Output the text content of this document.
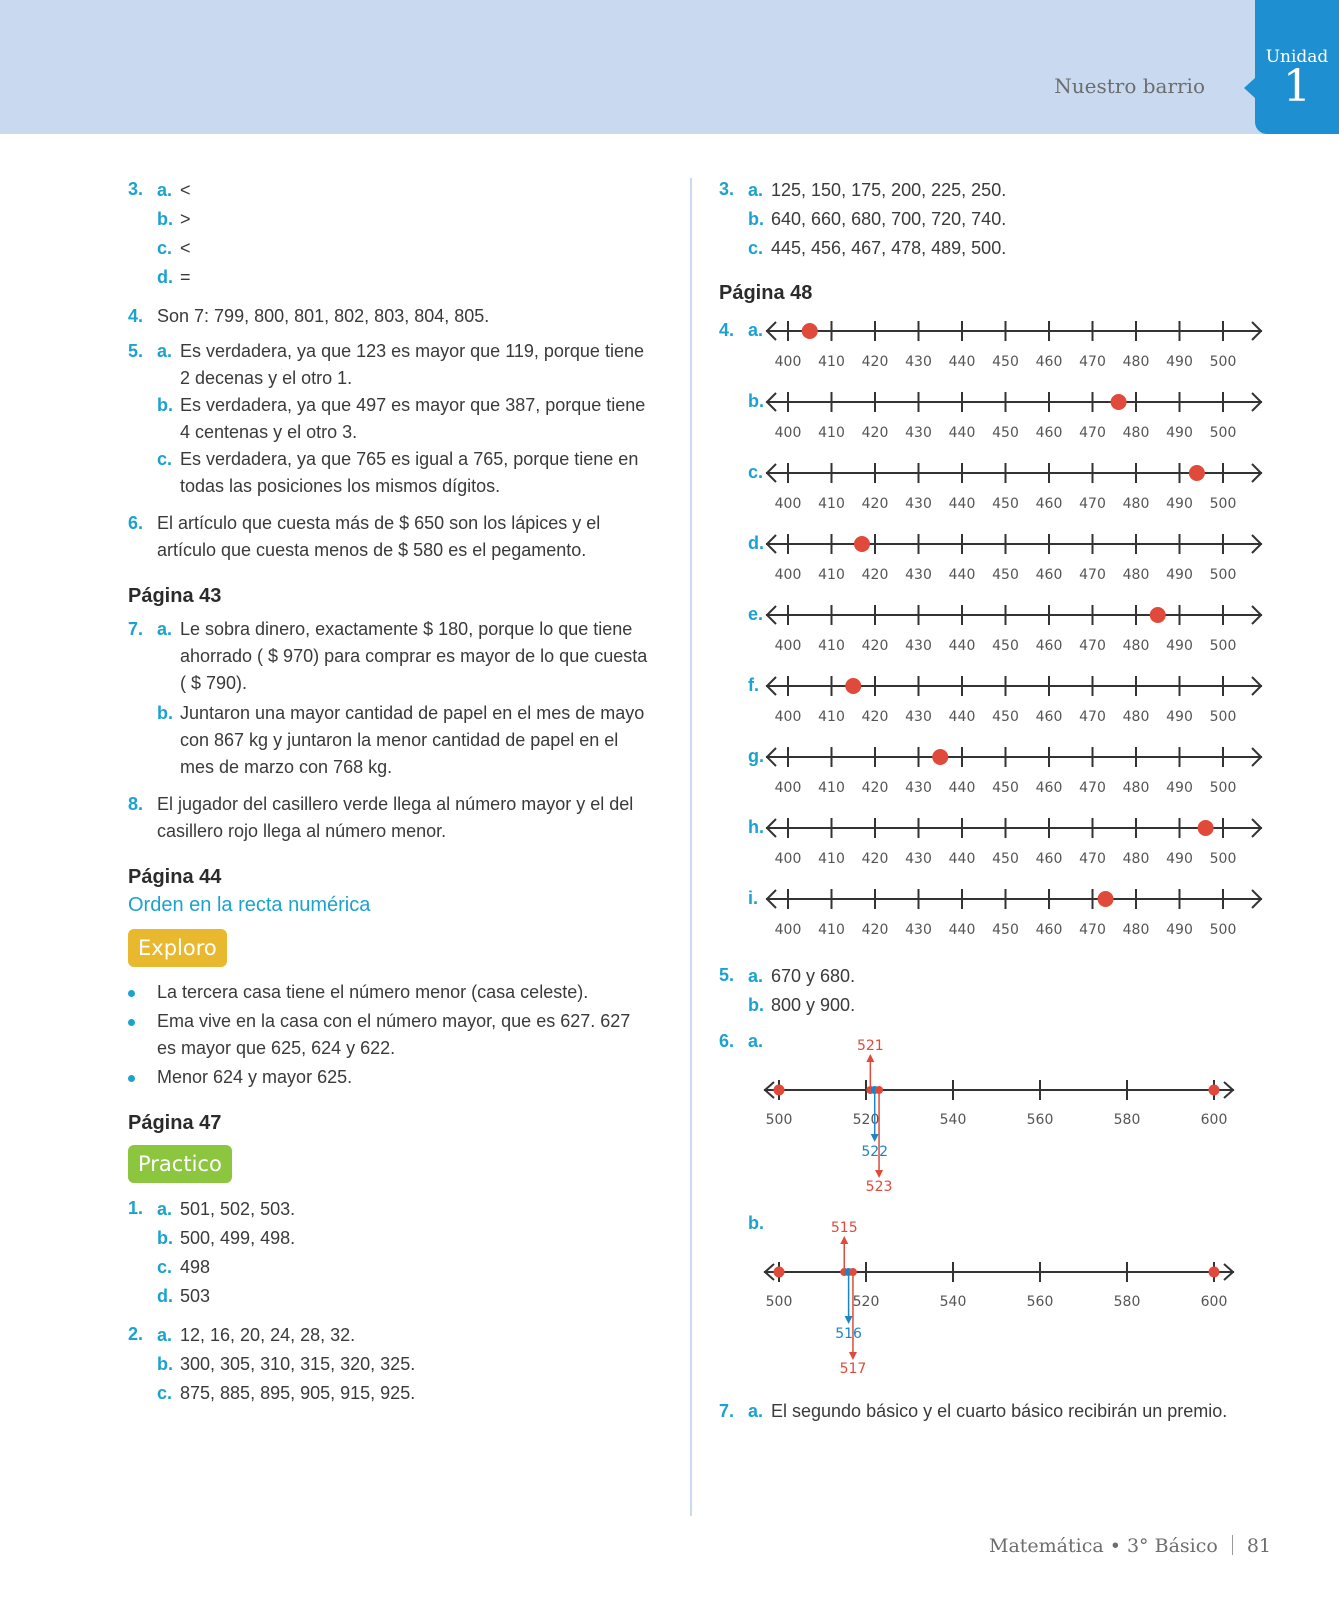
Nuestro barrio
Unidad
1
3. a. <
b. >
c. <
d. =
4. Son 7: 799, 800, 801, 802, 803, 804, 805.
5. a. Es verdadera, ya que 123 es mayor que 119, porque tiene
2 decenas y el otro 1.
b. Es verdadera, ya que 497 es mayor que 387, porque tiene
4 centenas y el otro 3.
c. Es verdadera, ya que 765 es igual a 765, porque tiene en
todas las posiciones los mismos dígitos.
6. El artículo que cuesta más de $ 650 son los lápices y el
artículo que cuesta menos de $ 580 es el pegamento.
Página 43
7. a. Le sobra dinero, exactamente $ 180, porque lo que tiene
ahorrado ( $ 970) para comprar es mayor de lo que cuesta
( $ 790).
b. Juntaron una mayor cantidad de papel en el mes de mayo
con 867 kg y juntaron la menor cantidad de papel en el
mes de marzo con 768 kg.
8. El jugador del casillero verde llega al número mayor y el del
casillero rojo llega al número menor.
Página 44
Orden en la recta numérica
Exploro
La tercera casa tiene el número menor (casa celeste).
Ema vive en la casa con el número mayor, que es 627. 627
es mayor que 625, 624 y 622.
Menor 624 y mayor 625.
Página 47
Practico
1. a. 501, 502, 503.
b. 500, 499, 498.
c. 498
d. 503
2. a. 12, 16, 20, 24, 28, 32.
b. 300, 305, 310, 315, 320, 325.
c. 875, 885, 895, 905, 915, 925.
3. a. 125, 150, 175, 200, 225, 250.
b. 640, 660, 680, 700, 720, 740.
c. 445, 456, 467, 478, 489, 500.
Página 48
4. a.
400 410 420 430 440 450 460 470 480 490 500
b.
400 410 420 430 440 450 460 470 480 490 500
c.
400 410 420 430 440 450 460 470 480 490 500
d.
400 410 420 430 440 450 460 470 480 490 500
e.
400 410 420 430 440 450 460 470 480 490 500
f.
400 410 420 430 440 450 460 470 480 490 500
g.
400 410 420 430 440 450 460 470 480 490 500
h.
400 410 420 430 440 450 460 470 480 490 500
i.
400 410 420 430 440 450 460 470 480 490 500
5. a. 670 y 680.
b. 800 y 900.
6. a.
b.
500	520	540	560	580	600
521
522
523
500	520	540	560	580	600
515
516
517
7. a. El segundo básico y el cuarto básico recibirán un premio.
Matemática • 3° Básico 81
